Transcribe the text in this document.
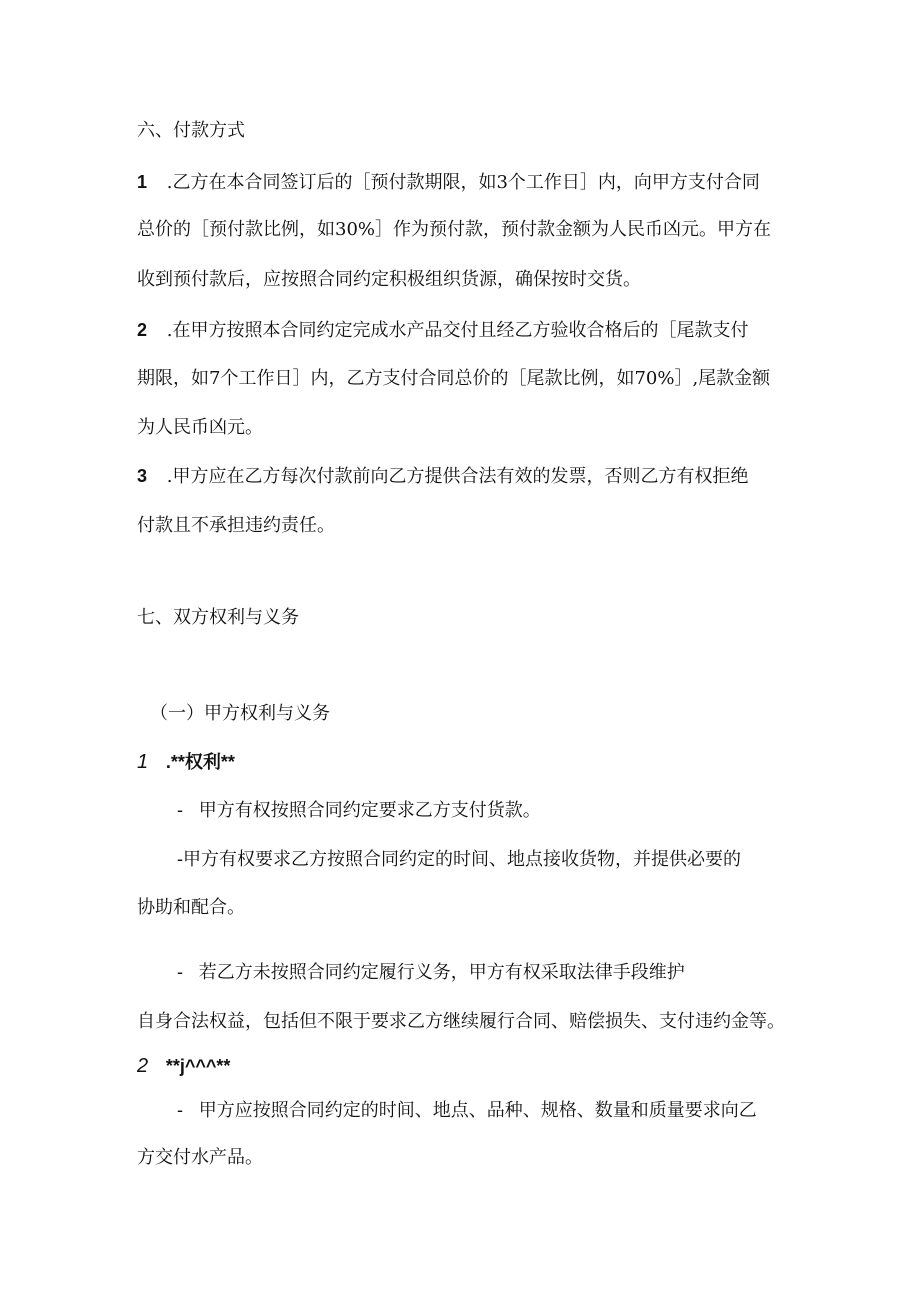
六、付款方式
1 .乙方在本合同签订后的［预付款期限，如3个工作日］内，向甲方支付合同
总价的［预付款比例，如30%］作为预付款，预付款金额为人民币凶元。甲方在
收到预付款后，应按照合同约定积极组织货源，确保按时交货。
2 .在甲方按照本合同约定完成水产品交付且经乙方验收合格后的［尾款支付
期限，如7个工作日］内，乙方支付合同总价的［尾款比例，如70%］,尾款金额
为人民币凶元。
3 .甲方应在乙方每次付款前向乙方提供合法有效的发票，否则乙方有权拒绝
付款且不承担违约责任。
七、双方权利与义务
（一）甲方权利与义务
1 .**权利**
- 甲方有权按照合同约定要求乙方支付货款。
-甲方有权要求乙方按照合同约定的时间、地点接收货物，并提供必要的
协助和配合。
- 若乙方未按照合同约定履行义务，甲方有权采取法律手段维护
自身合法权益，包括但不限于要求乙方继续履行合同、赔偿损失、支付违约金等。
2 **j^^^**
- 甲方应按照合同约定的时间、地点、品种、规格、数量和质量要求向乙
方交付水产品。
